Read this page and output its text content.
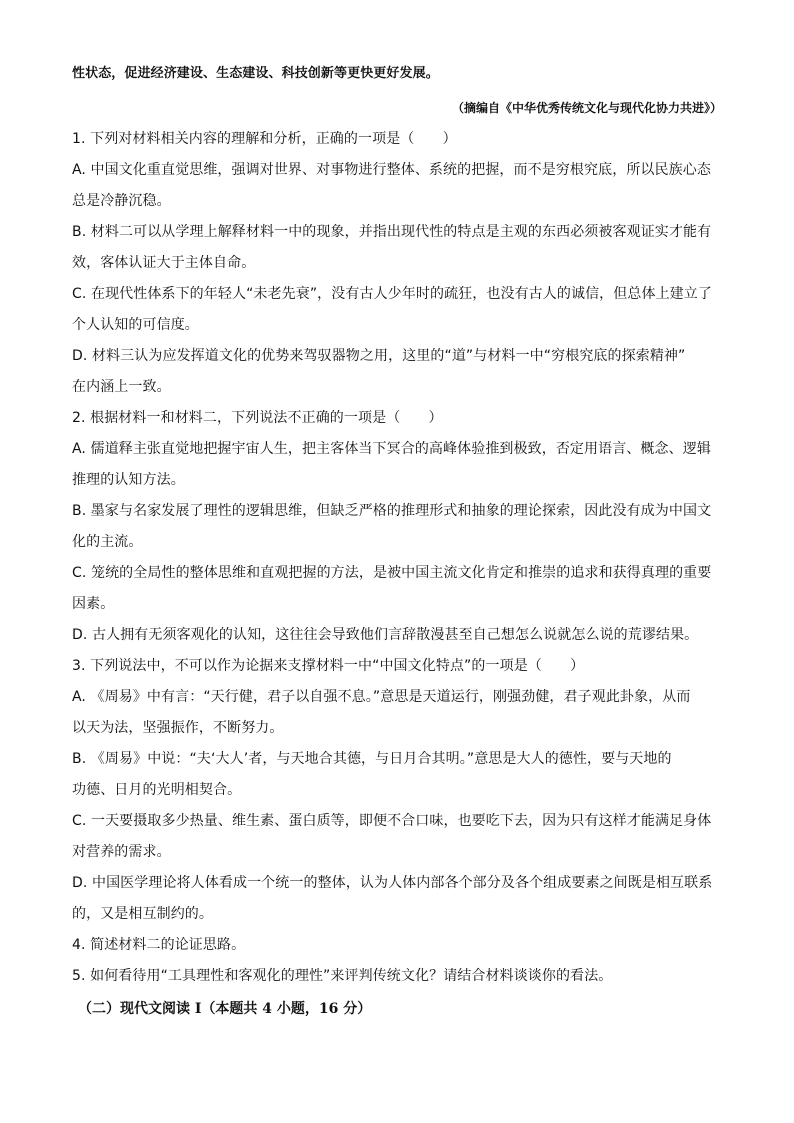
性状态，促进经济建设、生态建设、科技创新等更快更好发展。
（摘编自《中华优秀传统文化与现代化协力共进》）
1. 下列对材料相关内容的理解和分析，正确的一项是（　　）
A. 中国文化重直觉思维，强调对世界、对事物进行整体、系统的把握，而不是穷根究底，所以民族心态
总是冷静沉稳。
B. 材料二可以从学理上解释材料一中的现象，并指出现代性的特点是主观的东西必须被客观证实才能有
效，客体认证大于主体自命。
C. 在现代性体系下的年轻人“未老先衰”，没有古人少年时的疏狂，也没有古人的诚信，但总体上建立了
个人认知的可信度。
D. 材料三认为应发挥道文化的优势来驾驭器物之用，这里的“道”与材料一中“穷根究底的探索精神”
在内涵上一致。
2. 根据材料一和材料二，下列说法不正确的一项是（　　）
A. 儒道释主张直觉地把握宇宙人生，把主客体当下冥合的高峰体验推到极致，否定用语言、概念、逻辑
推理的认知方法。
B. 墨家与名家发展了理性的逻辑思维，但缺乏严格的推理形式和抽象的理论探索，因此没有成为中国文
化的主流。
C. 笼统的全局性的整体思维和直观把握的方法，是被中国主流文化肯定和推崇的追求和获得真理的重要
因素。
D. 古人拥有无须客观化的认知，这往往会导致他们言辞散漫甚至自己想怎么说就怎么说的荒谬结果。
3. 下列说法中，不可以作为论据来支撑材料一中“中国文化特点”的一项是（　　）
A. 《周易》中有言：“天行健，君子以自强不息。”意思是天道运行，刚强劲健，君子观此卦象，从而
以天为法，坚强振作，不断努力。
B. 《周易》中说：“夫‘大人’者，与天地合其德，与日月合其明。”意思是大人的德性，要与天地的
功德、日月的光明相契合。
C. 一天要摄取多少热量、维生素、蛋白质等，即便不合口味，也要吃下去，因为只有这样才能满足身体
对营养的需求。
D. 中国医学理论将人体看成一个统一的整体，认为人体内部各个部分及各个组成要素之间既是相互联系
的，又是相互制约的。
4. 简述材料二的论证思路。
5. 如何看待用“工具理性和客观化的理性”来评判传统文化？请结合材料谈谈你的看法。
（二）现代文阅读 I（本题共 4 小题，16 分）
